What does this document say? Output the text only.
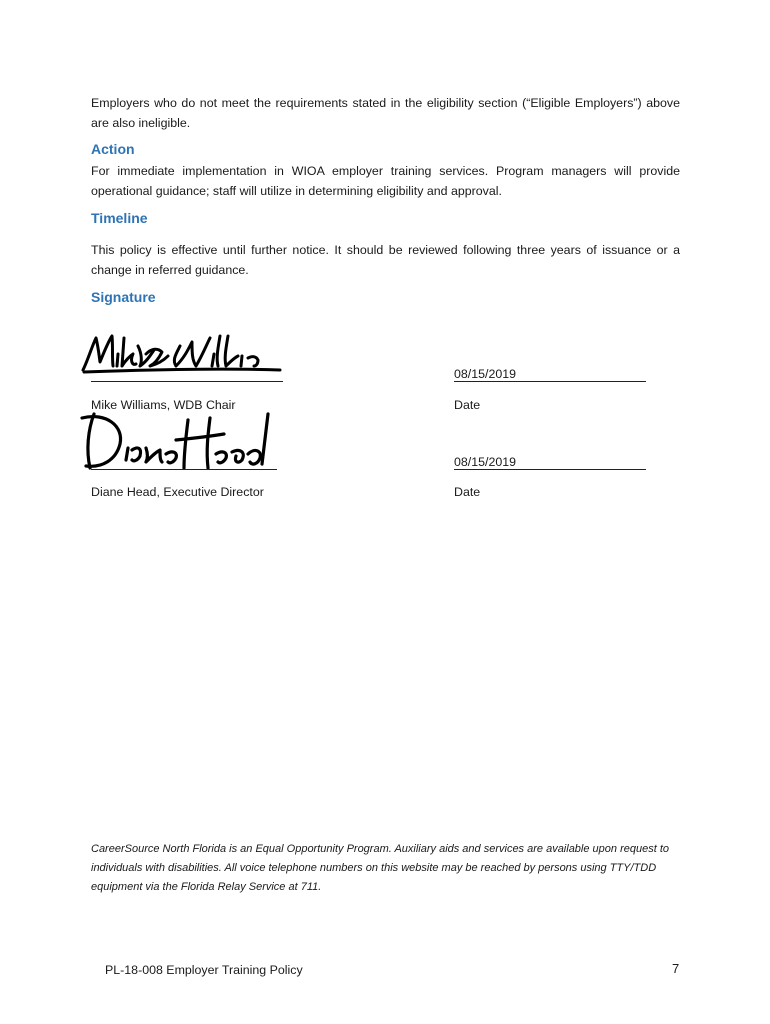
Employers who do not meet the requirements stated in the eligibility section (“Eligible Employers”) above are also ineligible.

Action

For immediate implementation in WIOA employer training services. Program managers will provide operational guidance; staff will utilize in determining eligibility and approval.

Timeline

This policy is effective until further notice. It should be reviewed following three years of issuance or a change in referred guidance.

Signature
08/15/2019

Mike Williams, WDB Chair	Date

08/15/2019

Diane Head, Executive Director	Date

CareerSource North Florida is an Equal Opportunity Program. Auxiliary aids and services are available upon request to individuals with disabilities. All voice telephone numbers on this website may be reached by persons using TTY/TDD equipment via the Florida Relay Service at 711.

PL-18-008 Employer Training Policy	7
